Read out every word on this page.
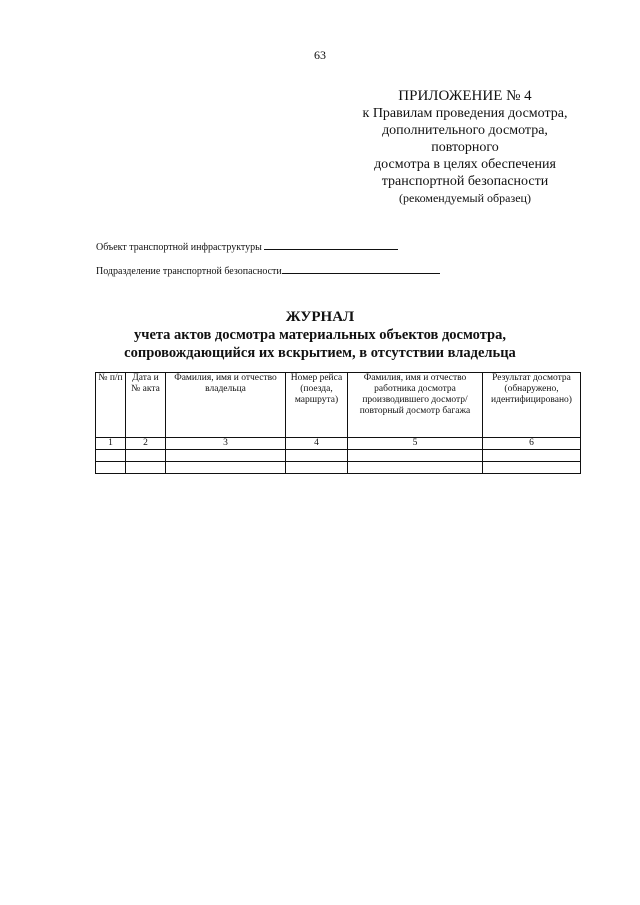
63
ПРИЛОЖЕНИЕ № 4
к Правилам проведения досмотра,
дополнительного досмотра,
повторного
досмотра в целях обеспечения
транспортной безопасности
(рекомендуемый образец)
Объект транспортной инфраструктуры
Подразделение транспортной безопасности
ЖУРНАЛ
учета актов досмотра материальных объектов досмотра,
сопровождающийся их вскрытием, в отсутствии владельца
№ п/п	Дата и № акта	Фамилия, имя и отчество владельца	Номер рейса (поезда, маршрута)	Фамилия, имя и отчество работника досмотра производившего досмотр/повторный досмотр багажа	Результат досмотра (обнаружено, идентифицировано)
1	2	3	4	5	6
